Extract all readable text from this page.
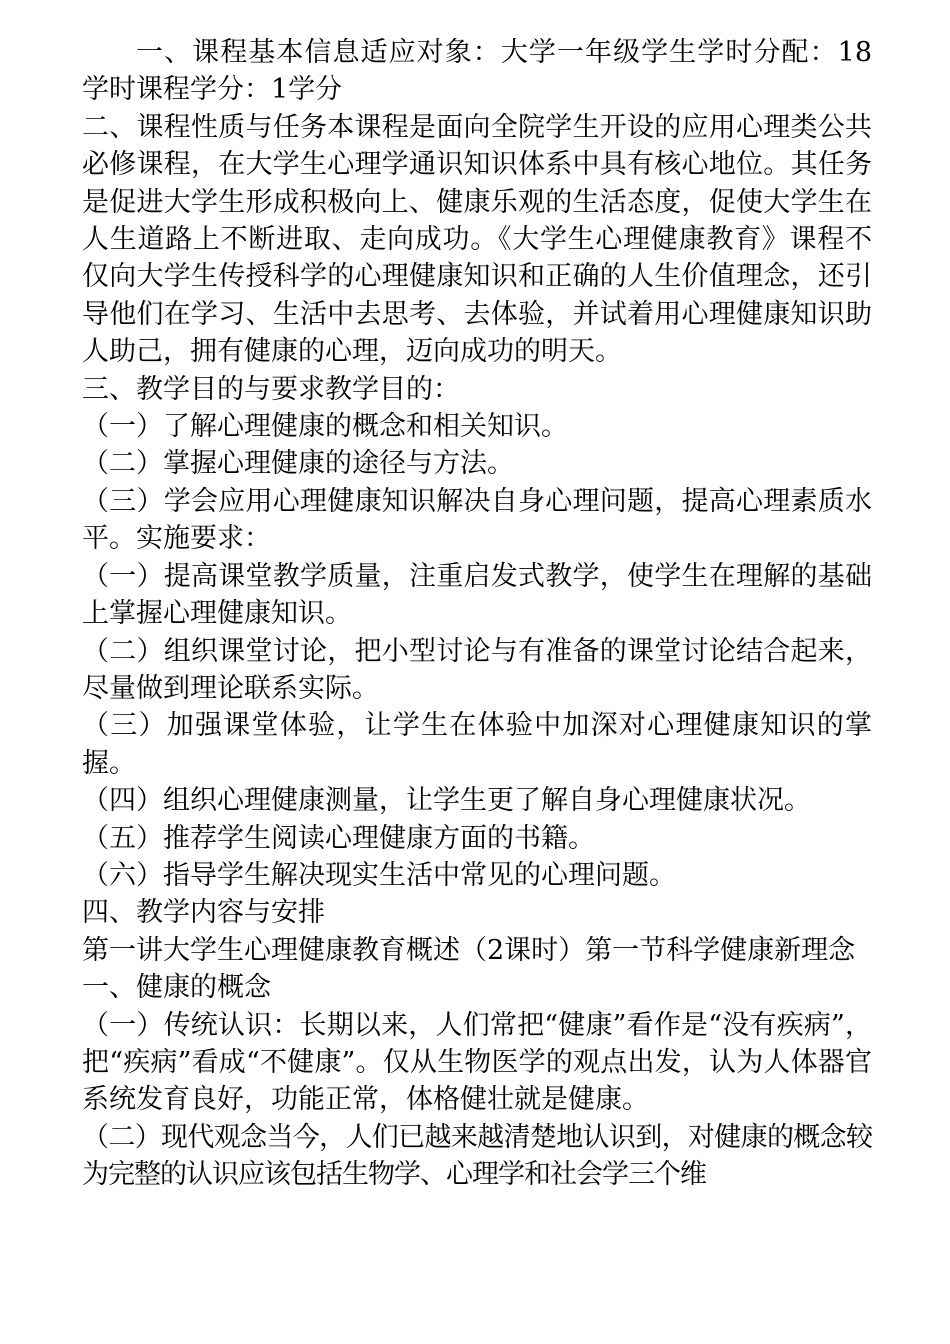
一、课程基本信息适应对象：大学一年级学生学时分配：18学时课程学分：1学分

二、课程性质与任务本课程是面向全院学生开设的应用心理类公共必修课程，在大学生心理学通识知识体系中具有核心地位。其任务是促进大学生形成积极向上、健康乐观的生活态度，促使大学生在人生道路上不断进取、走向成功。《大学生心理健康教育》课程不仅向大学生传授科学的心理健康知识和正确的人生价值理念，还引导他们在学习、生活中去思考、去体验，并试着用心理健康知识助人助己，拥有健康的心理，迈向成功的明天。

三、教学目的与要求教学目的：

（一）了解心理健康的概念和相关知识。

（二）掌握心理健康的途径与方法。

（三）学会应用心理健康知识解决自身心理问题，提高心理素质水平。实施要求：

（一）提高课堂教学质量，注重启发式教学，使学生在理解的基础上掌握心理健康知识。

（二）组织课堂讨论，把小型讨论与有准备的课堂讨论结合起来，尽量做到理论联系实际。

（三）加强课堂体验，让学生在体验中加深对心理健康知识的掌握。

（四）组织心理健康测量，让学生更了解自身心理健康状况。

（五）推荐学生阅读心理健康方面的书籍。

（六）指导学生解决现实生活中常见的心理问题。

四、教学内容与安排

第一讲大学生心理健康教育概述（2课时）第一节科学健康新理念

一、健康的概念

（一）传统认识：长期以来，人们常把“健康”看作是“没有疾病”，把“疾病”看成“不健康”。仅从生物医学的观点出发，认为人体器官系统发育良好，功能正常，体格健壮就是健康。

（二）现代观念当今，人们已越来越清楚地认识到，对健康的概念较为完整的认识应该包括生物学、心理学和社会学三个维
